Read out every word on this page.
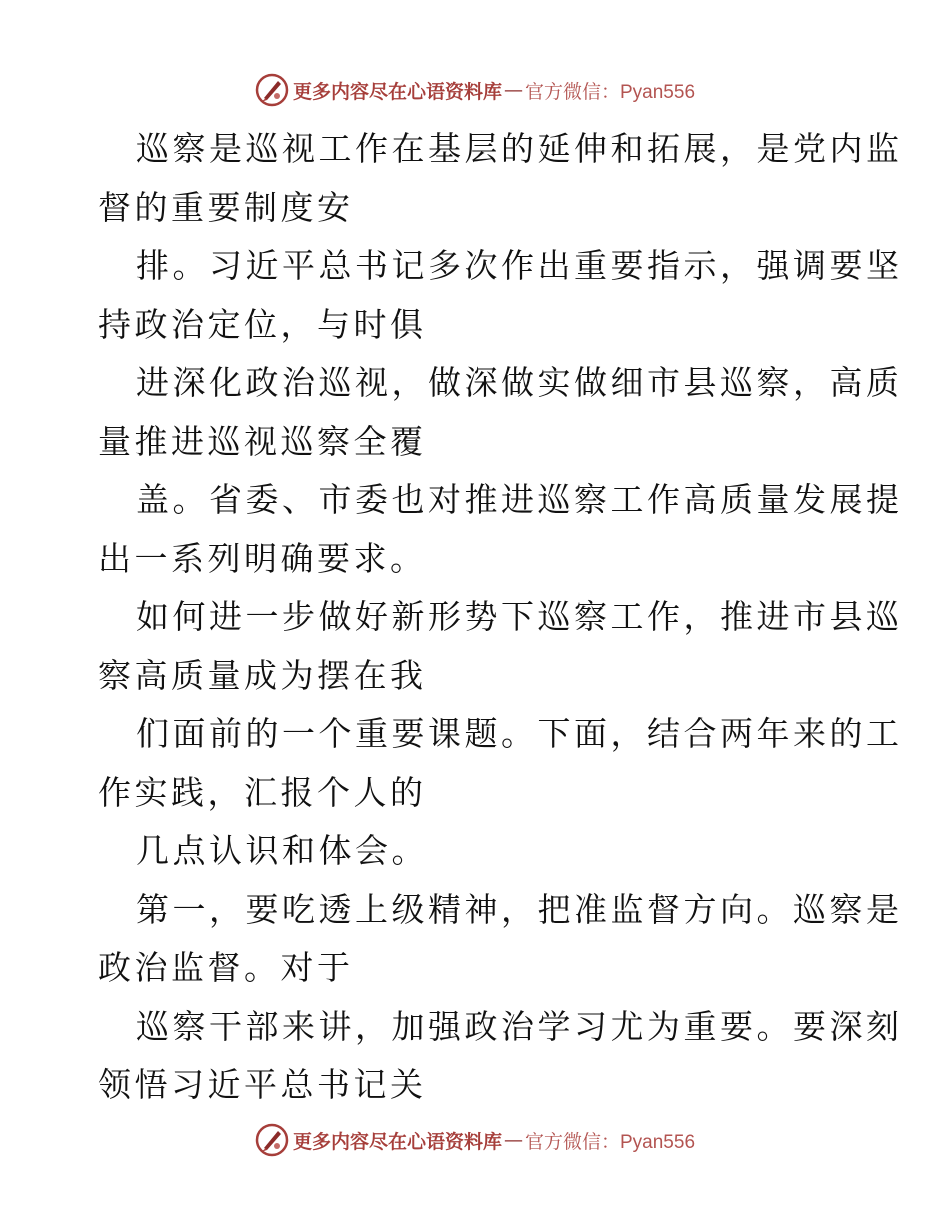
更多内容尽在心语资料库 — 官方微信：Pyan556
巡察是巡视工作在基层的延伸和拓展，是党内监
督的重要制度安
排。习近平总书记多次作出重要指示，强调要坚
持政治定位，与时俱
进深化政治巡视，做深做实做细市县巡察，高质
量推进巡视巡察全覆
盖。省委、市委也对推进巡察工作高质量发展提
出一系列明确要求。
如何进一步做好新形势下巡察工作，推进市县巡
察高质量成为摆在我
们面前的一个重要课题。下面，结合两年来的工
作实践，汇报个人的
几点认识和体会。
第一，要吃透上级精神，把准监督方向。巡察是
政治监督。对于
巡察干部来讲，加强政治学习尤为重要。要深刻
领悟习近平总书记关
更多内容尽在心语资料库 — 官方微信：Pyan556
